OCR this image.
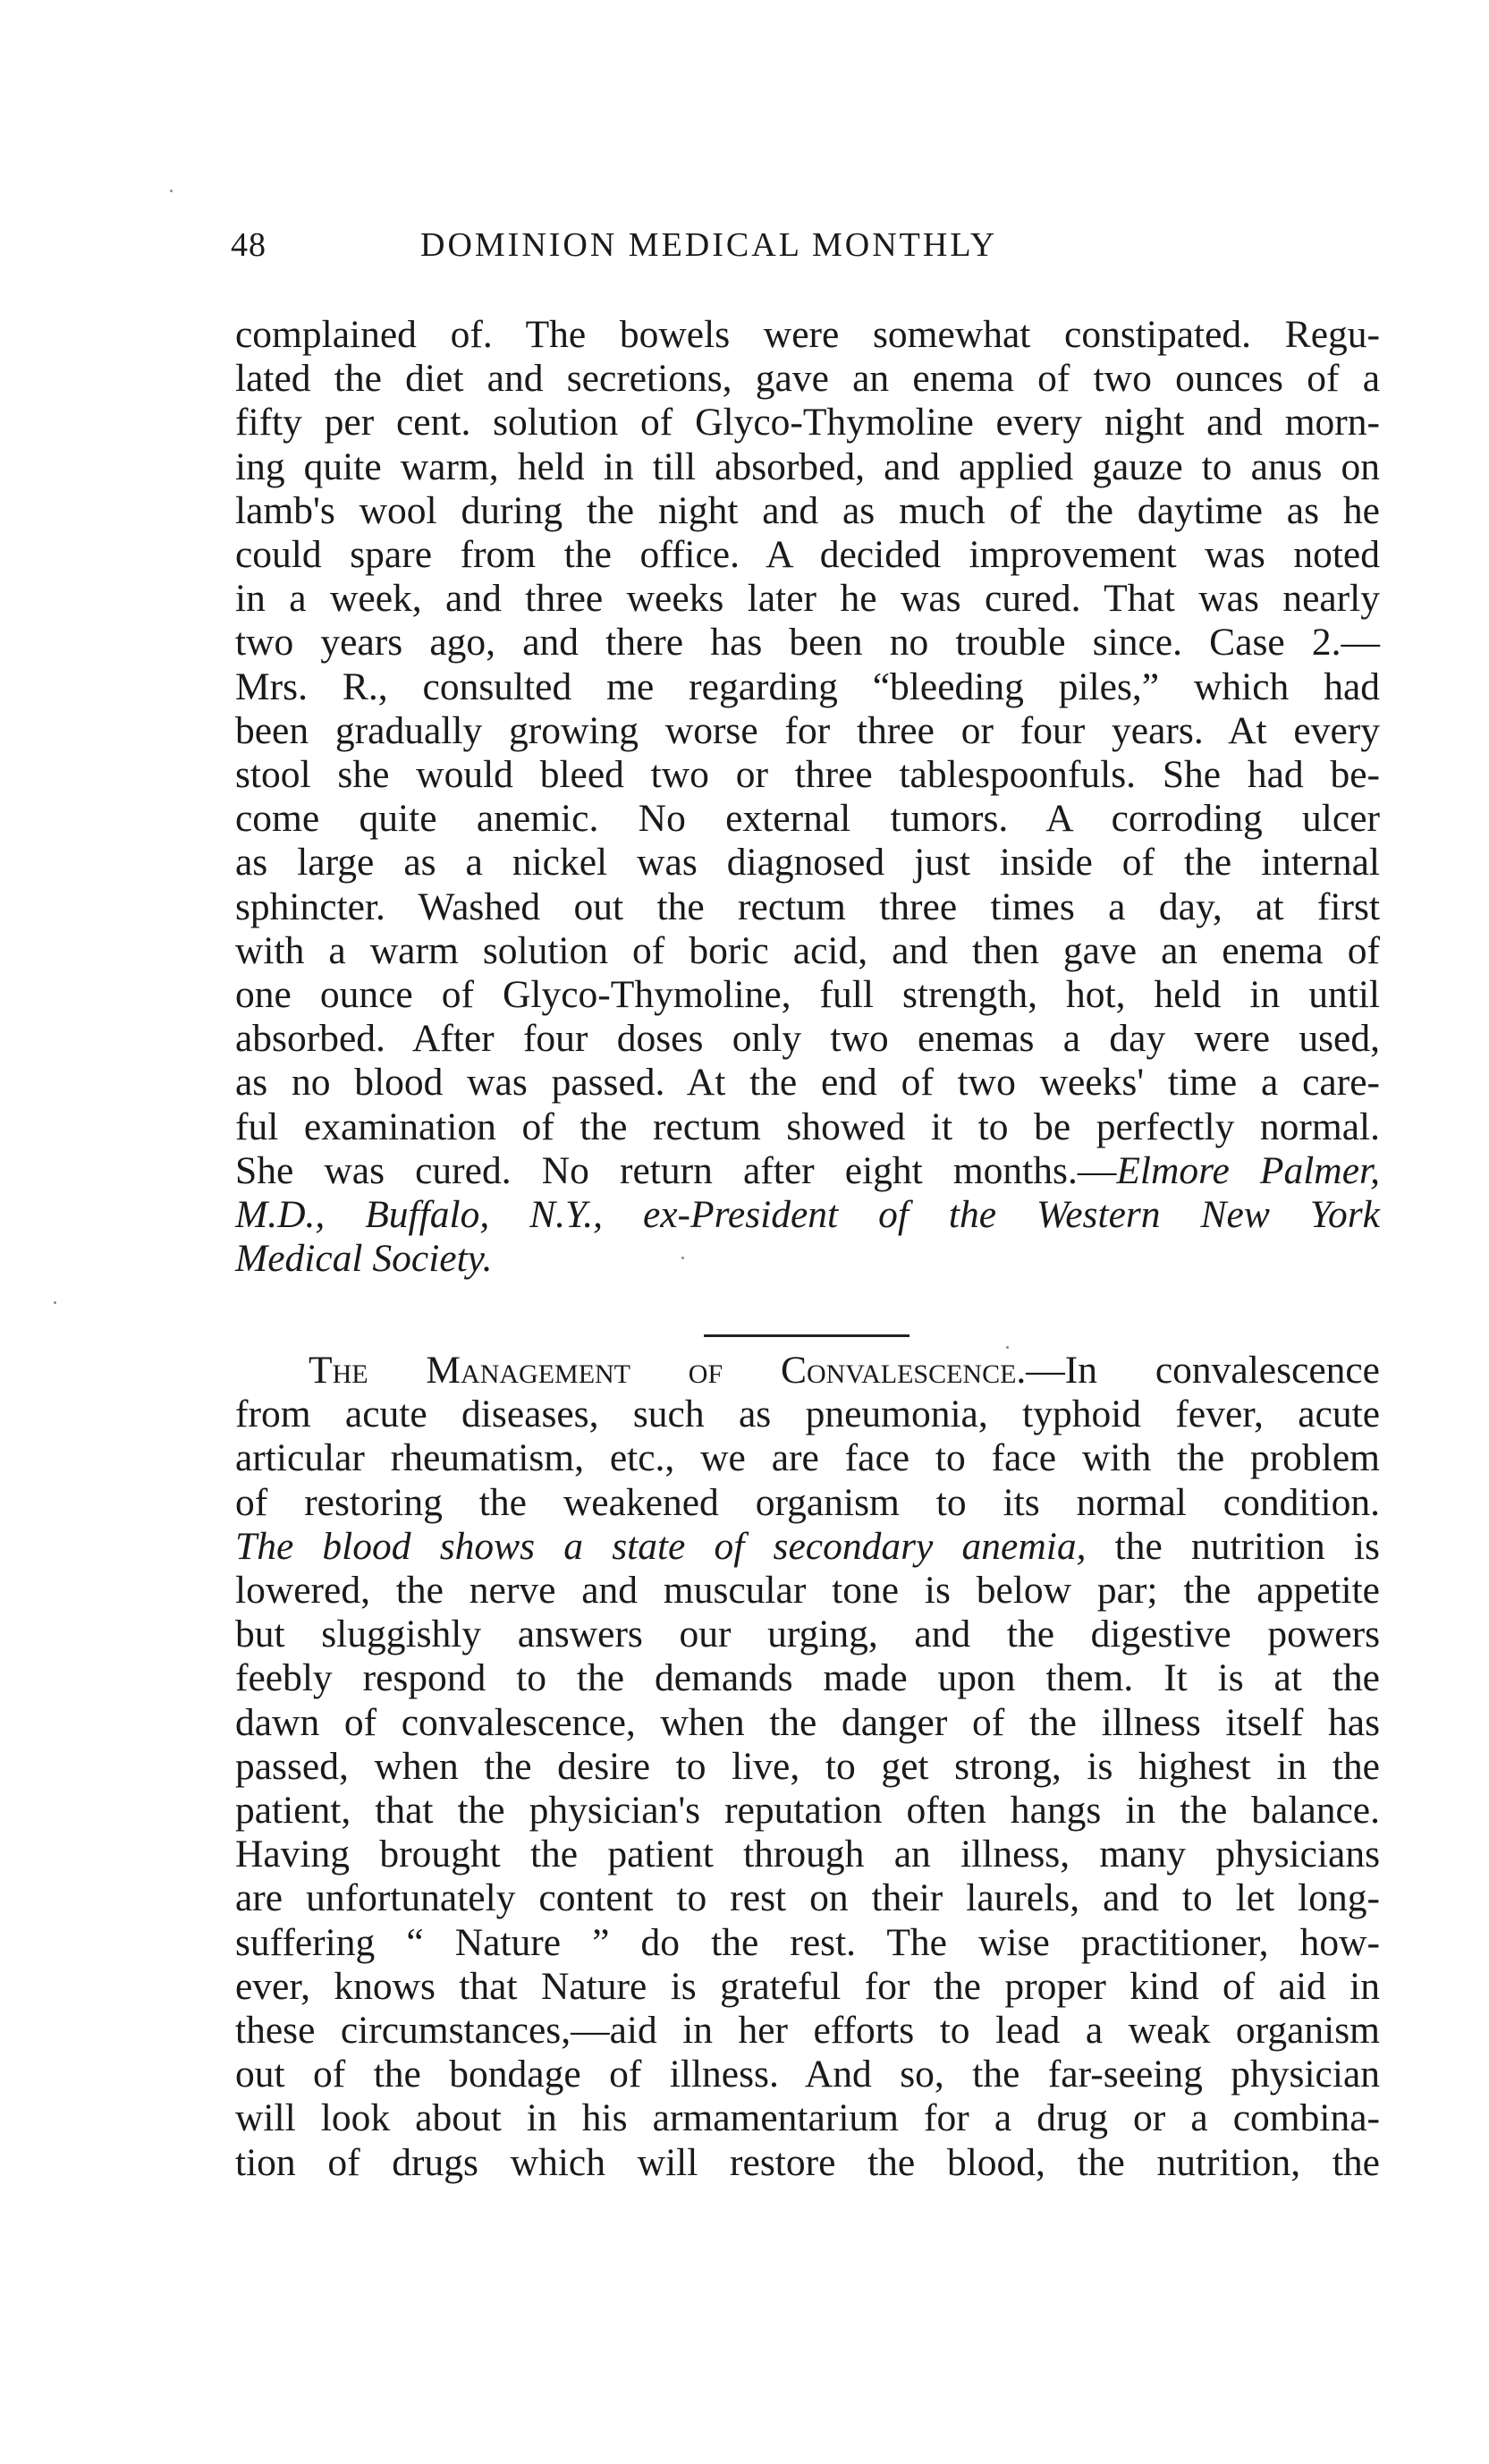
48	DOMINION MEDICAL MONTHLY
complained of. The bowels were somewhat constipated. Regu-
lated the diet and secretions, gave an enema of two ounces of a
fifty per cent. solution of Glyco-Thymoline every night and morn-
ing quite warm, held in till absorbed, and applied gauze to anus on
lamb's wool during the night and as much of the daytime as he
could spare from the office. A decided improvement was noted
in a week, and three weeks later he was cured. That was nearly
two years ago, and there has been no trouble since. Case 2.—
Mrs. R., consulted me regarding “bleeding piles,” which had
been gradually growing worse for three or four years. At every
stool she would bleed two or three tablespoonfuls. She had be-
come quite anemic. No external tumors. A corroding ulcer
as large as a nickel was diagnosed just inside of the internal
sphincter. Washed out the rectum three times a day, at first
with a warm solution of boric acid, and then gave an enema of
one ounce of Glyco-Thymoline, full strength, hot, held in until
absorbed. After four doses only two enemas a day were used,
as no blood was passed. At the end of two weeks' time a care-
ful examination of the rectum showed it to be perfectly normal.
She was cured. No return after eight months.—Elmore Palmer,
M.D., Buffalo, N.Y., ex-President of the Western New York
Medical Society.
The Management of Convalescence.—In convalescence
from acute diseases, such as pneumonia, typhoid fever, acute
articular rheumatism, etc., we are face to face with the problem
of restoring the weakened organism to its normal condition.
The blood shows a state of secondary anemia, the nutrition is
lowered, the nerve and muscular tone is below par; the appetite
but sluggishly answers our urging, and the digestive powers
feebly respond to the demands made upon them. It is at the
dawn of convalescence, when the danger of the illness itself has
passed, when the desire to live, to get strong, is highest in the
patient, that the physician's reputation often hangs in the balance.
Having brought the patient through an illness, many physicians
are unfortunately content to rest on their laurels, and to let long-
suffering “ Nature ” do the rest. The wise practitioner, how-
ever, knows that Nature is grateful for the proper kind of aid in
these circumstances,—aid in her efforts to lead a weak organism
out of the bondage of illness. And so, the far-seeing physician
will look about in his armamentarium for a drug or a combina-
tion of drugs which will restore the blood, the nutrition, the
